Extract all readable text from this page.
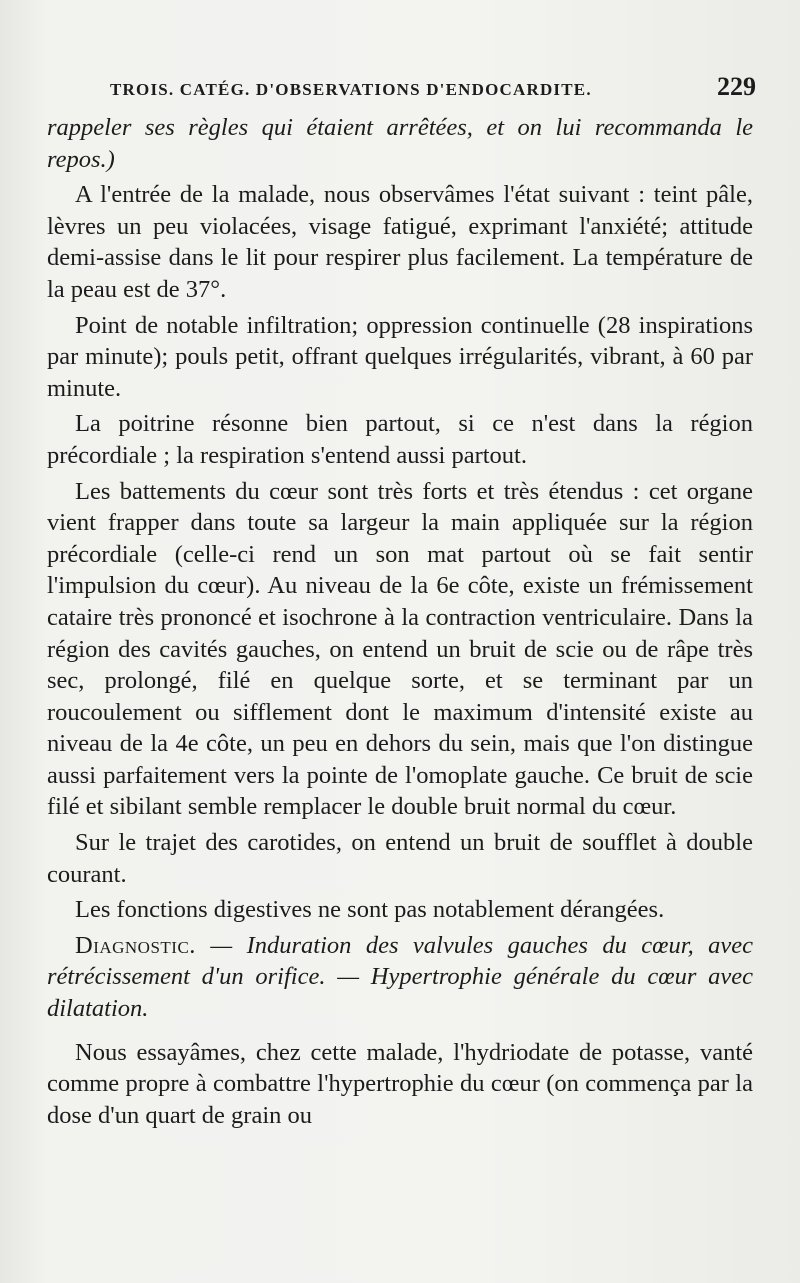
TROIS. CATÉG. D'OBSERVATIONS D'ENDOCARDITE.	229

rappeler ses règles qui étaient arrêtées, et on lui recommanda le repos.)

A l'entrée de la malade, nous observâmes l'état suivant : teint pâle, lèvres un peu violacées, visage fatigué, exprimant l'anxiété; attitude demi-assise dans le lit pour respirer plus facilement. La température de la peau est de 37°.

Point de notable infiltration; oppression continuelle (28 inspirations par minute); pouls petit, offrant quelques irrégularités, vibrant, à 60 par minute.

La poitrine résonne bien partout, si ce n'est dans la région précordiale ; la respiration s'entend aussi partout.

Les battements du cœur sont très forts et très étendus : cet organe vient frapper dans toute sa largeur la main appliquée sur la région précordiale (celle-ci rend un son mat partout où se fait sentir l'impulsion du cœur). Au niveau de la 6e côte, existe un frémissement cataire très prononcé et isochrone à la contraction ventriculaire. Dans la région des cavités gauches, on entend un bruit de scie ou de râpe très sec, prolongé, filé en quelque sorte, et se terminant par un roucoulement ou sifflement dont le maximum d'intensité existe au niveau de la 4e côte, un peu en dehors du sein, mais que l'on distingue aussi parfaitement vers la pointe de l'omoplate gauche. Ce bruit de scie filé et sibilant semble remplacer le double bruit normal du cœur.

Sur le trajet des carotides, on entend un bruit de soufflet à double courant.

Les fonctions digestives ne sont pas notablement dérangées.

Diagnostic. — Induration des valvules gauches du cœur, avec rétrécissement d'un orifice. — Hypertrophie générale du cœur avec dilatation.

Nous essayâmes, chez cette malade, l'hydriodate de potasse, vanté comme propre à combattre l'hypertrophie du cœur (on commença par la dose d'un quart de grain ou
